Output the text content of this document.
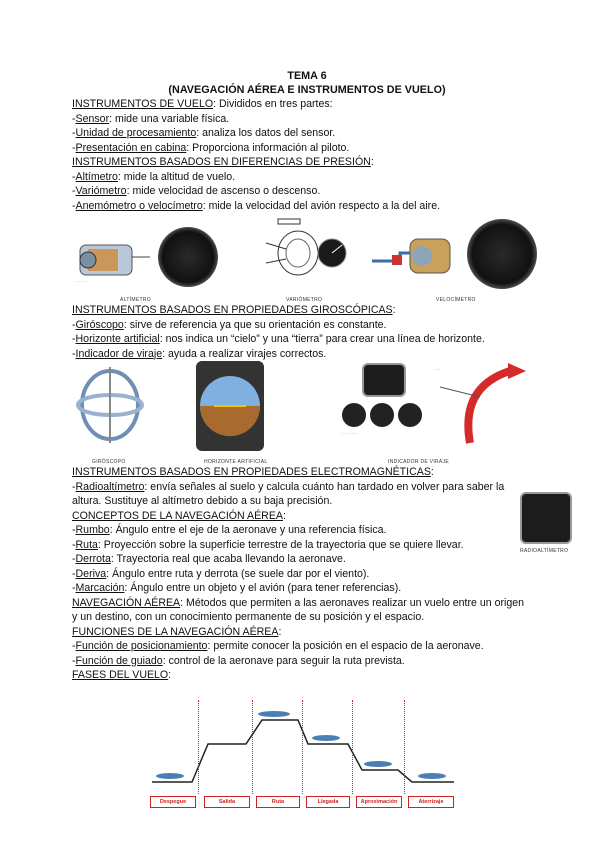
TEMA 6
(NAVEGACIÓN AÉREA E INSTRUMENTOS DE VUELO)
INSTRUMENTOS DE VUELO: Divididos en tres partes:
-Sensor: mide una variable física.
-Unidad de procesamiento: analiza los datos del sensor.
-Presentación en cabina: Proporciona información al piloto.
INSTRUMENTOS BASADOS EN DIFERENCIAS DE PRESIÓN:
-Altímetro: mide la altitud de vuelo.
-Variómetro: mide velocidad de ascenso o descenso.
-Anemómetro o velocímetro: mide la velocidad del avión respecto a la del aire.
· · · · ·
ALTÍMETRO	VARIÓMETRO	VELOCÍMETRO
INSTRUMENTOS BASADOS EN PROPIEDADES GIROSCÓPICAS:
-Giróscopo: sirve de referencia ya que su orientación es constante.
-Horizonte artificial: nos indica un “cielo” y una “tierra” para crear una línea de horizonte.
-Indicador de viraje: ayuda a realizar virajes correctos.
GIRÓSCOPO	HORIZONTE ARTIFICIAL
· · · · · · ·
· · ·
INDICADOR DE VIRAJE
INSTRUMENTOS BASADOS EN PROPIEDADES ELECTROMAGNÉTICAS:
-Radioaltímetro: envía señales al suelo y calcula cuánto han tardado en volver para saber la altura. Sustituye al altímetro debido a su baja precisión.
CONCEPTOS DE LA NAVEGACIÓN AÉREA:
-Rumbo: Ángulo entre el eje de la aeronave y una referencia física.
-Ruta: Proyección sobre la superficie terrestre de la trayectoria que se quiere llevar.
-Derrota: Trayectoria real que acaba llevando la aeronave.
-Deriva: Ángulo entre ruta y derrota (se suele dar por el viento).
-Marcación: Ángulo entre un objeto y el avión (para tener referencias).
NAVEGACIÓN AÉREA: Métodos que permiten a las aeronaves realizar un vuelo entre un origen y un destino, con un conocimiento permanente de su posición y el espacio.
FUNCIONES DE LA NAVEGACIÓN AÉREA:
-Función de posicionamiento: permite conocer la posición en el espacio de la aeronave.
-Función de guiado: control de la aeronave para seguir la ruta prevista.
FASES DEL VUELO:
RADIOALTÍMETRO
Despegue	Salida	Ruta	Llegada	Aproximación	Aterrizaje
